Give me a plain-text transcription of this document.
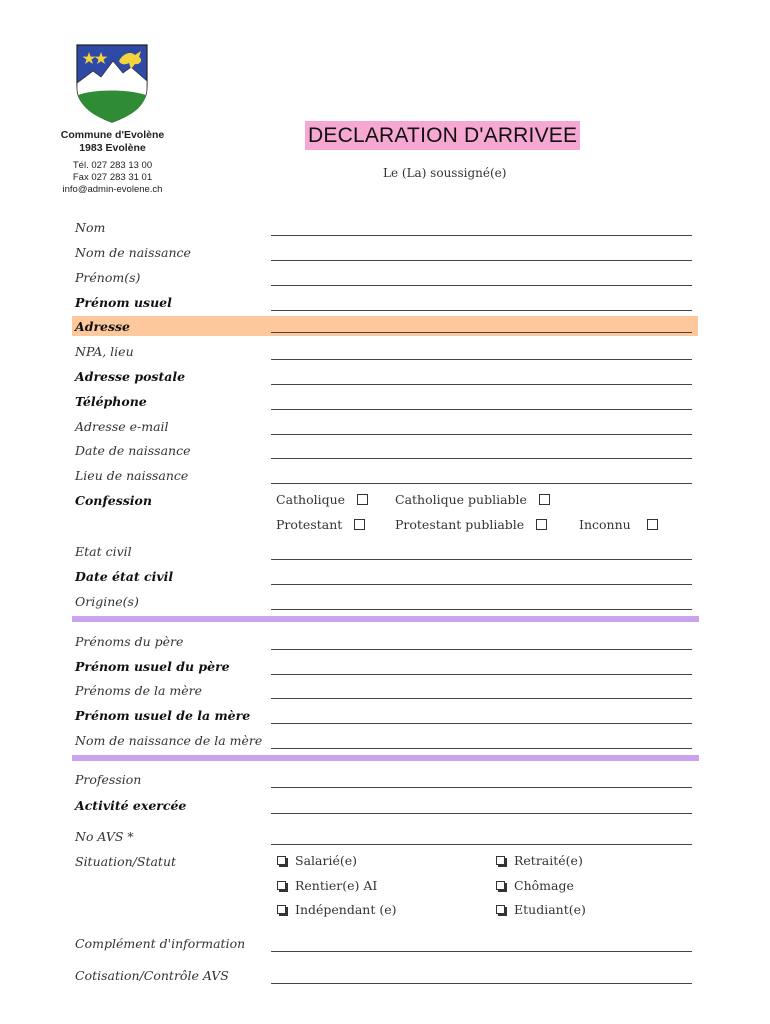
Commune d'Evolène
1983 Evolène
Tél. 027 283 13 00
Fax 027 283 31 01
info@admin-evolene.ch
DECLARATION D'ARRIVEE
Le (La) soussigné(e)
Nom
Nom de naissance
Prénom(s)
Prénom usuel
Adresse
NPA, lieu
Adresse postale
Téléphone
Adresse e-mail
Date de naissance
Lieu de naissance
Confession	Catholique	Catholique publiable
Protestant	Protestant publiable	Inconnu
Etat civil
Date état civil
Origine(s)
Prénoms du père
Prénom usuel du père
Prénoms de la mère
Prénom usuel de la mère
Nom de naissance de la mère
Profession
Activité exercée
No AVS *
Situation/Statut	Salarié(e)	Retraité(e)
Rentier(e) AI	Chômage
Indépendant (e)	Etudiant(e)
Complément d'information
Cotisation/Contrôle AVS
